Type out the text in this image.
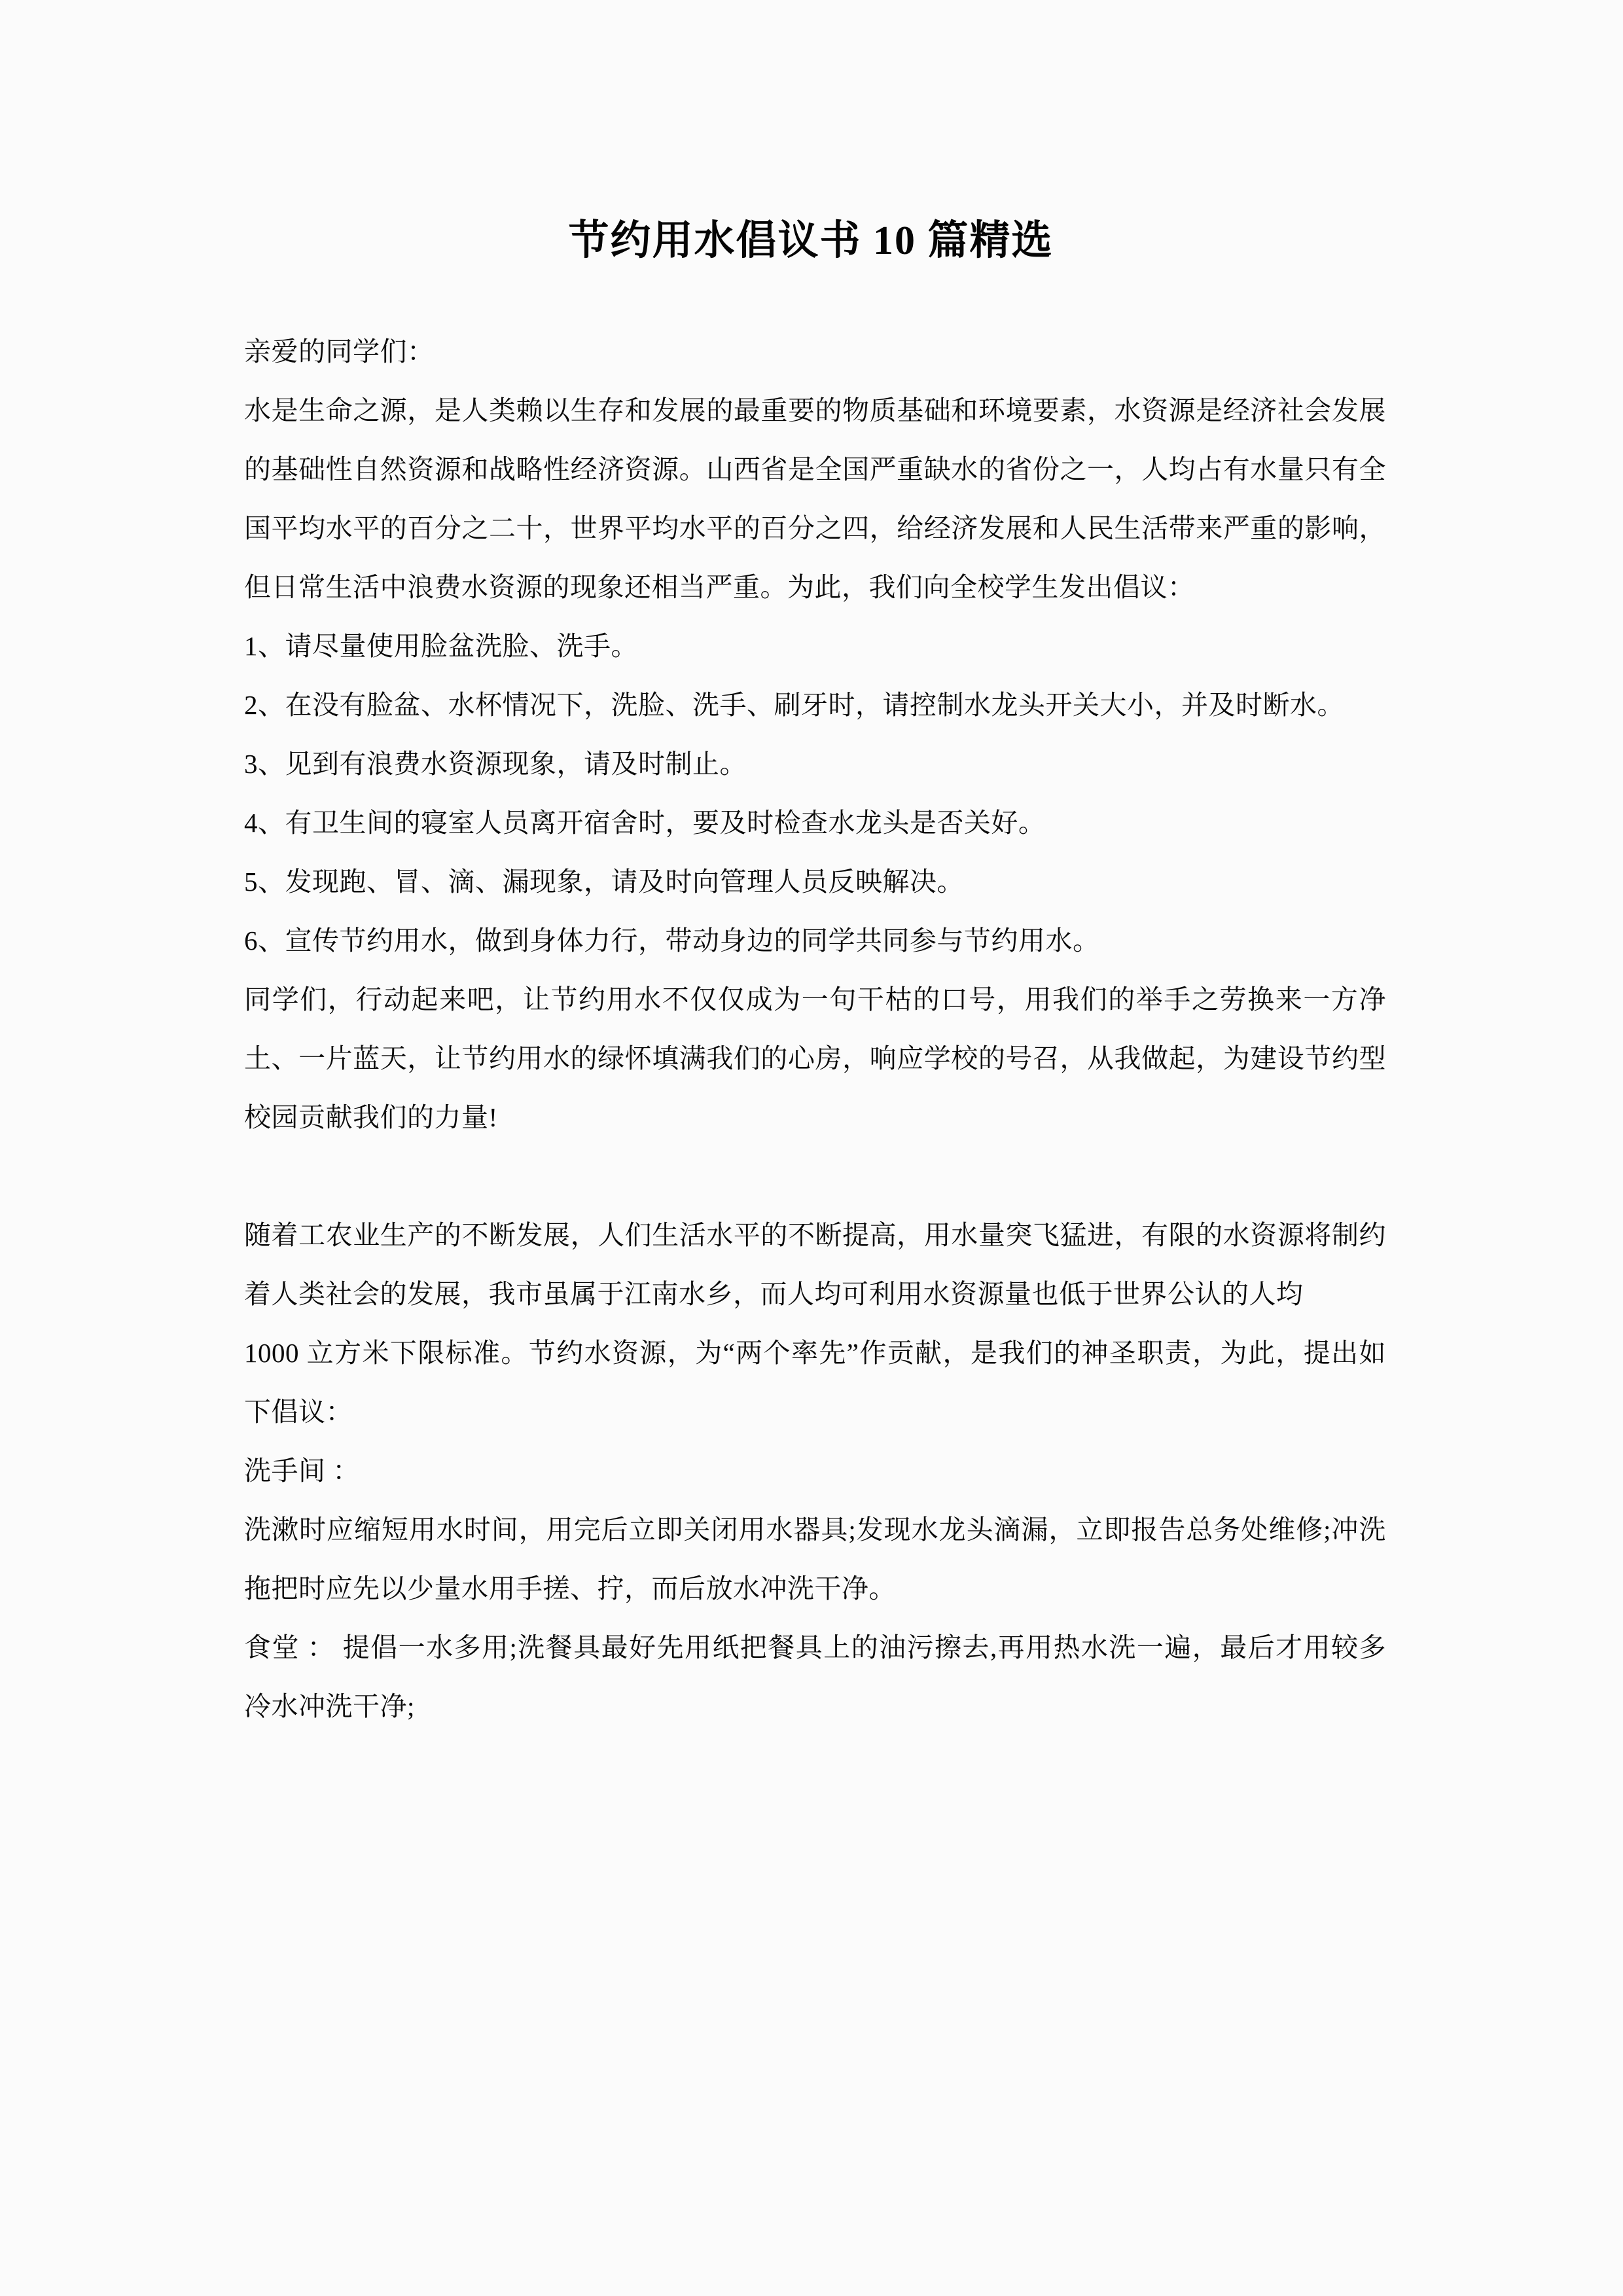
节约用水倡议书 10 篇精选

亲爱的同学们：

水是生命之源，是人类赖以生存和发展的最重要的物质基础和环境要素，水资源是经济社会发展的基础性自然资源和战略性经济资源。山西省是全国严重缺水的省份之一，人均占有水量只有全国平均水平的百分之二十，世界平均水平的百分之四，给经济发展和人民生活带来严重的影响，但日常生活中浪费水资源的现象还相当严重。为此，我们向全校学生发出倡议：

1、请尽量使用脸盆洗脸、洗手。

2、在没有脸盆、水杯情况下，洗脸、洗手、刷牙时，请控制水龙头开关大小，并及时断水。

3、见到有浪费水资源现象，请及时制止。

4、有卫生间的寝室人员离开宿舍时，要及时检查水龙头是否关好。

5、发现跑、冒、滴、漏现象，请及时向管理人员反映解决。

6、宣传节约用水，做到身体力行，带动身边的同学共同参与节约用水。

同学们，行动起来吧，让节约用水不仅仅成为一句干枯的口号，用我们的举手之劳换来一方净土、一片蓝天，让节约用水的绿怀填满我们的心房，响应学校的号召，从我做起，为建设节约型校园贡献我们的力量!

随着工农业生产的不断发展，人们生活水平的不断提高，用水量突飞猛进，有限的水资源将制约着人类社会的发展，我市虽属于江南水乡，而人均可利用水资源量也低于世界公认的人均

1000 立方米下限标准。节约水资源，为“两个率先”作贡献，是我们的神圣职责，为此，提出如下倡议：

洗手间 ：

洗漱时应缩短用水时间，用完后立即关闭用水器具;发现水龙头滴漏，立即报告总务处维修;冲洗拖把时应先以少量水用手搓、拧，而后放水冲洗干净。

食堂 ： 提倡一水多用;洗餐具最好先用纸把餐具上的油污擦去,再用热水洗一遍，最后才用较多冷水冲洗干净;
